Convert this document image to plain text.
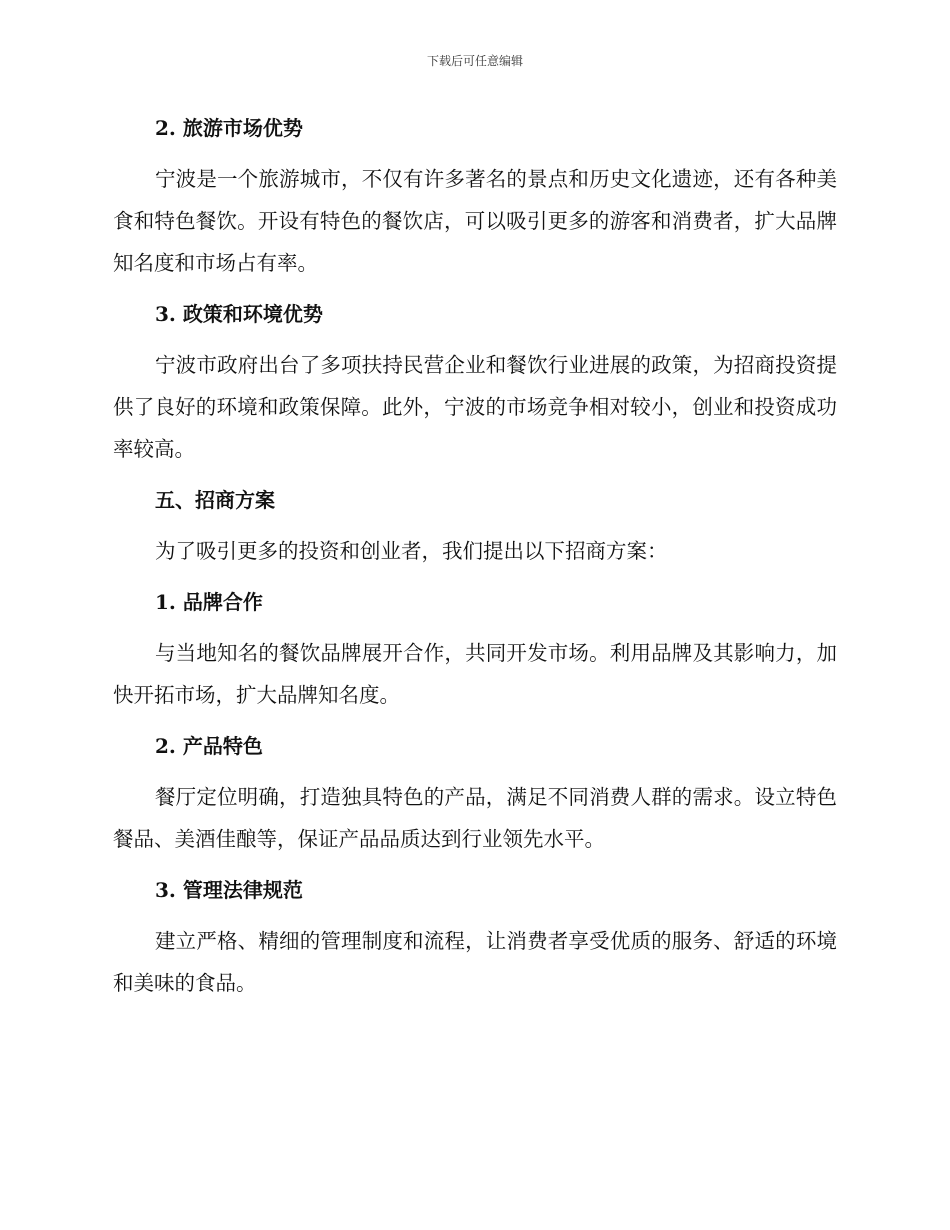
下载后可任意编辑
2. 旅游市场优势
宁波是一个旅游城市，不仅有许多著名的景点和历史文化遗迹，还有各种美食和特色餐饮。开设有特色的餐饮店，可以吸引更多的游客和消费者，扩大品牌知名度和市场占有率。
3. 政策和环境优势
宁波市政府出台了多项扶持民营企业和餐饮行业进展的政策，为招商投资提供了良好的环境和政策保障。此外，宁波的市场竞争相对较小，创业和投资成功率较高。
五、招商方案
为了吸引更多的投资和创业者，我们提出以下招商方案：
1. 品牌合作
与当地知名的餐饮品牌展开合作，共同开发市场。利用品牌及其影响力，加快开拓市场，扩大品牌知名度。
2. 产品特色
餐厅定位明确，打造独具特色的产品，满足不同消费人群的需求。设立特色餐品、美酒佳酿等，保证产品品质达到行业领先水平。
3. 管理法律规范
建立严格、精细的管理制度和流程，让消费者享受优质的服务、舒适的环境和美味的食品。
